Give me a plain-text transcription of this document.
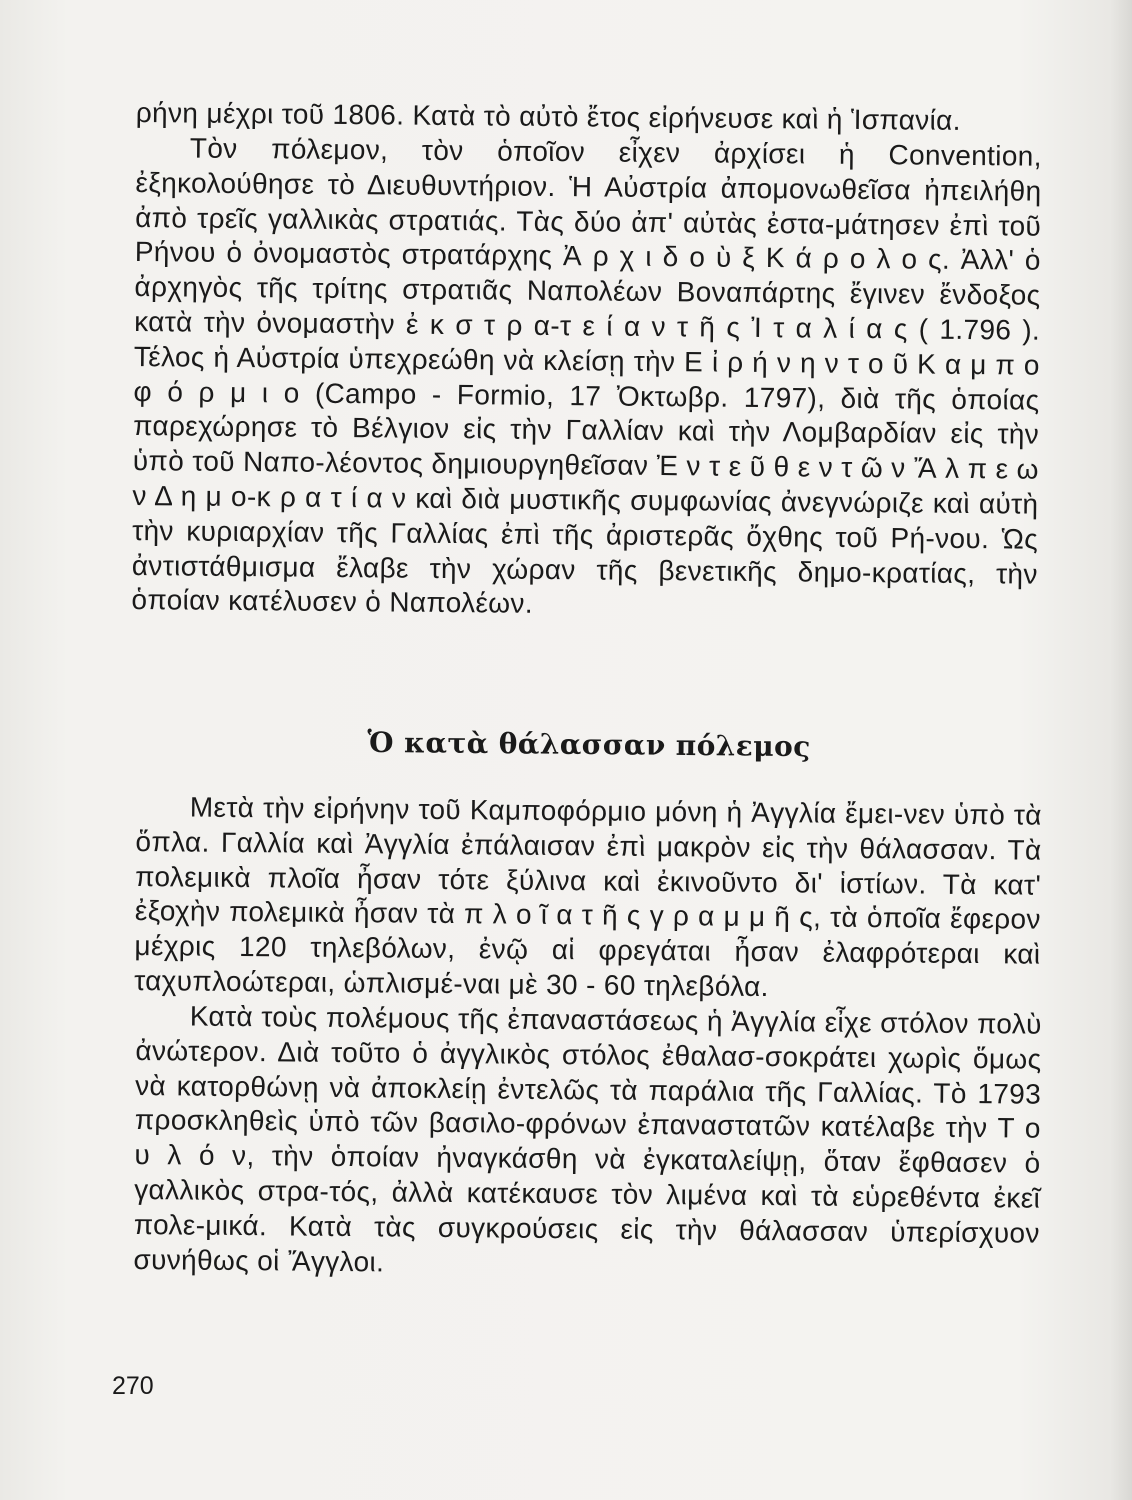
ρήνη μέχρι τοῦ 1806. Κατὰ τὸ αὐτὸ ἔτος εἰρήνευσε καὶ ἡ Ἱσπανία.

Τὸν πόλεμον, τὸν ὁποῖον εἶχεν ἀρχίσει ἡ Convention, ἐξηκολούθησε τὸ Διευθυντήριον. Ἡ Αὐστρία ἀπομονωθεῖσα ἠπειλήθη ἀπὸ τρεῖς γαλλικὰς στρατιάς. Τὰς δύο ἀπ' αὐτὰς ἐστα-μάτησεν ἐπὶ τοῦ Ρήνου ὁ ὀνομαστὸς στρατάρχης Ἀ ρ χ ι δ ο ὺ ξ Κ ά ρ ο λ ο ς. Ἀλλ' ὁ ἀρχηγὸς τῆς τρίτης στρατιᾶς Ναπολέων Βοναπάρτης ἔγινεν ἔνδοξος κατὰ τὴν ὀνομαστὴν ἐ κ σ τ ρ α-τ ε ί α ν τ ῆ ς Ἰ τ α λ ί α ς ( 1.796 ). Τέλος ἡ Αὐστρία ὑπεχρεώθη νὰ κλείσῃ τὴν Ε ἰ ρ ή ν η ν τ ο ῦ Κ α μ π ο φ ό ρ μ ι ο (Campo - Formio, 17 Ὀκτωβρ. 1797), διὰ τῆς ὁποίας παρεχώρησε τὸ Βέλγιον εἰς τὴν Γαλλίαν καὶ τὴν Λομβαρδίαν εἰς τὴν ὑπὸ τοῦ Ναπο-λέοντος δημιουργηθεῖσαν Ἐ ν τ ε ῦ θ ε ν τ ῶ ν Ἄ λ π ε ω ν Δ η μ ο-κ ρ α τ ί α ν καὶ διὰ μυστικῆς συμφωνίας ἀνεγνώριζε καὶ αὐτὴ τὴν κυριαρχίαν τῆς Γαλλίας ἐπὶ τῆς ἀριστερᾶς ὄχθης τοῦ Ρή-νου. Ὡς ἀντιστάθμισμα ἔλαβε τὴν χώραν τῆς βενετικῆς δημο-κρατίας, τὴν ὁποίαν κατέλυσεν ὁ Ναπολέων.

Ὁ κατὰ θάλασσαν πόλεμος

Μετὰ τὴν εἰρήνην τοῦ Καμποφόρμιο μόνη ἡ Ἀγγλία ἔμει-νεν ὑπὸ τὰ ὅπλα. Γαλλία καὶ Ἀγγλία ἐπάλαισαν ἐπὶ μακρὸν εἰς τὴν θάλασσαν. Τὰ πολεμικὰ πλοῖα ἦσαν τότε ξύλινα καὶ ἐκινοῦντο δι' ἱστίων. Τὰ κατ' ἐξοχὴν πολεμικὰ ἦσαν τὰ π λ ο ῖ α τ ῆ ς γ ρ α μ μ ῆ ς, τὰ ὁποῖα ἔφερον μέχρις 120 τηλεβόλων, ἐνῷ αἱ φρεγάται ἦσαν ἐλαφρότεραι καὶ ταχυπλοώτεραι, ὡπλισμέ-ναι μὲ 30 - 60 τηλεβόλα.

Κατὰ τοὺς πολέμους τῆς ἐπαναστάσεως ἡ Ἀγγλία εἶχε στόλον πολὺ ἀνώτερον. Διὰ τοῦτο ὁ ἀγγλικὸς στόλος ἐθαλασ-σοκράτει χωρὶς ὅμως νὰ κατορθώνῃ νὰ ἀποκλείῃ ἐντελῶς τὰ παράλια τῆς Γαλλίας. Τὸ 1793 προσκληθεὶς ὑπὸ τῶν βασιλο-φρόνων ἐπαναστατῶν κατέλαβε τὴν Τ ο υ λ ό ν, τὴν ὁποίαν ἠναγκάσθη νὰ ἐγκαταλείψῃ, ὅταν ἔφθασεν ὁ γαλλικὸς στρα-τός, ἀλλὰ κατέκαυσε τὸν λιμένα καὶ τὰ εὑρεθέντα ἐκεῖ πολε-μικά. Κατὰ τὰς συγκρούσεις εἰς τὴν θάλασσαν ὑπερίσχυον συνήθως οἱ Ἄγγλοι.

270
